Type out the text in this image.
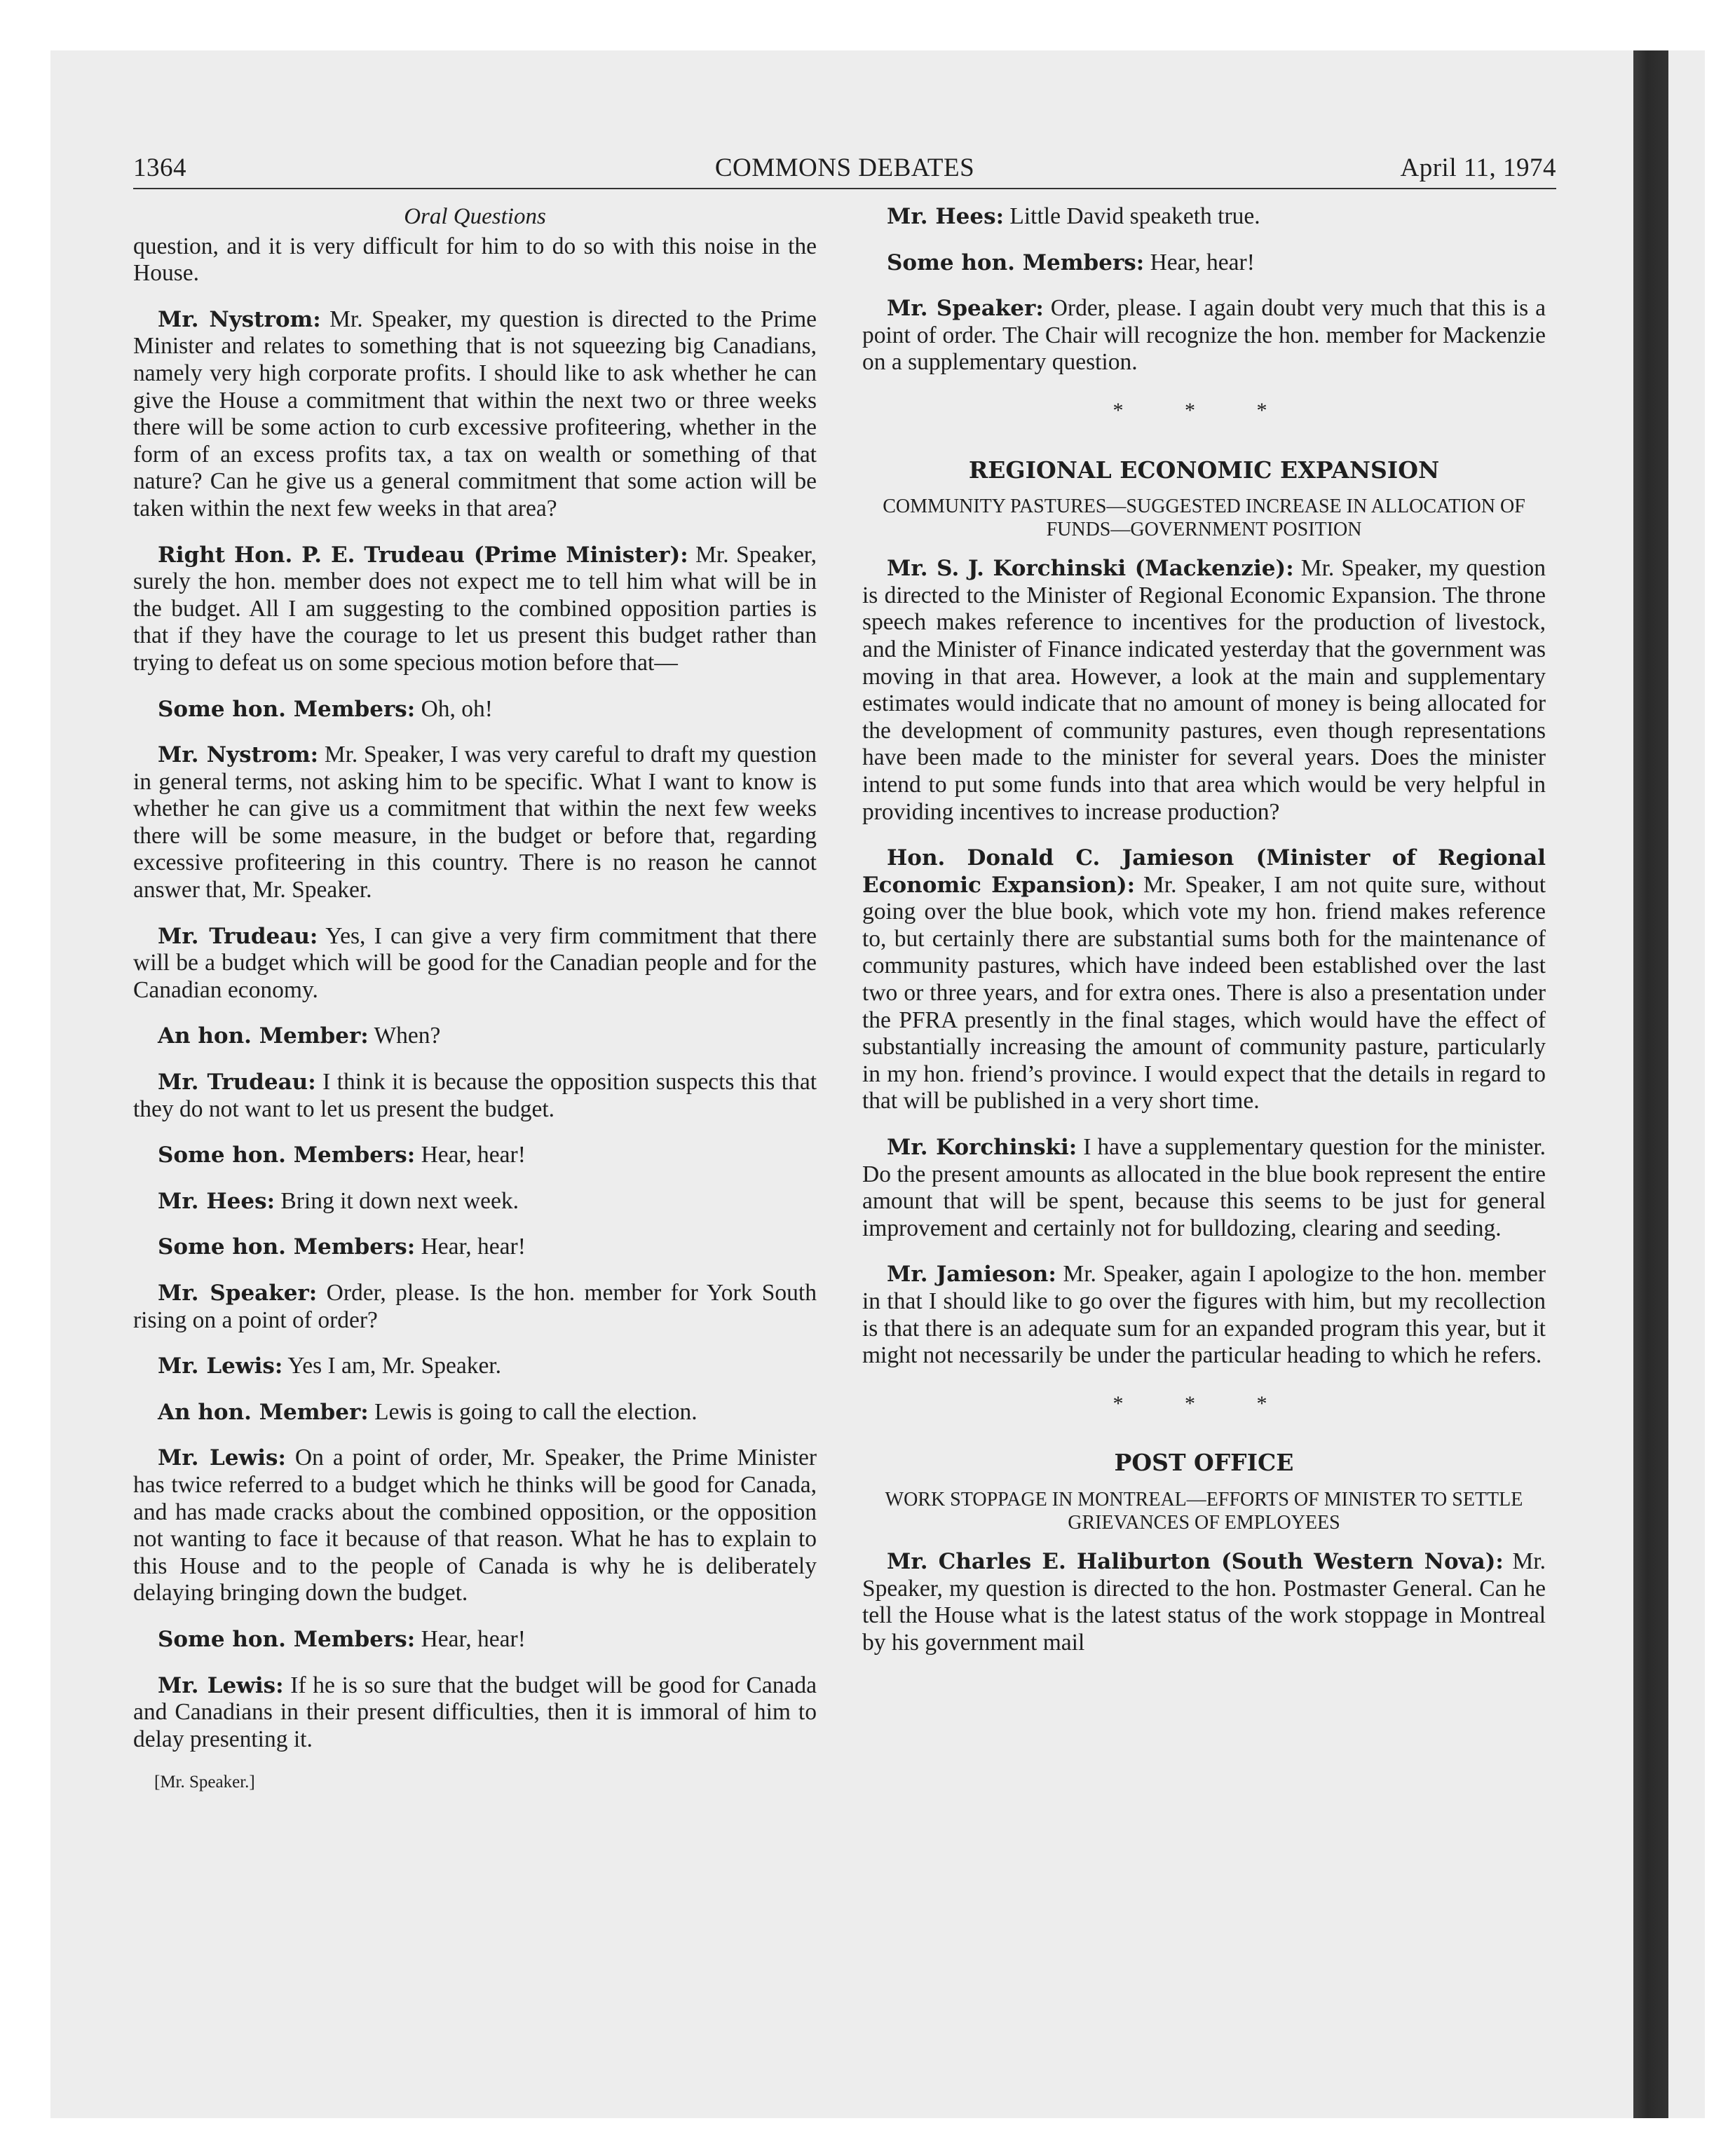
1364	COMMONS DEBATES	April 11, 1974
Oral Questions

question, and it is very difficult for him to do so with this noise in the House.

Mr. Nystrom: Mr. Speaker, my question is directed to the Prime Minister and relates to something that is not squeezing big Canadians, namely very high corporate profits. I should like to ask whether he can give the House a commitment that within the next two or three weeks there will be some action to curb excessive profiteering, whether in the form of an excess profits tax, a tax on wealth or something of that nature? Can he give us a general commitment that some action will be taken within the next few weeks in that area?

Right Hon. P. E. Trudeau (Prime Minister): Mr. Speaker, surely the hon. member does not expect me to tell him what will be in the budget. All I am suggesting to the combined opposition parties is that if they have the courage to let us present this budget rather than trying to defeat us on some specious motion before that—

Some hon. Members: Oh, oh!

Mr. Nystrom: Mr. Speaker, I was very careful to draft my question in general terms, not asking him to be specific. What I want to know is whether he can give us a commitment that within the next few weeks there will be some measure, in the budget or before that, regarding excessive profiteering in this country. There is no reason he cannot answer that, Mr. Speaker.

Mr. Trudeau: Yes, I can give a very firm commitment that there will be a budget which will be good for the Canadian people and for the Canadian economy.

An hon. Member: When?

Mr. Trudeau: I think it is because the opposition suspects this that they do not want to let us present the budget.

Some hon. Members: Hear, hear!

Mr. Hees: Bring it down next week.

Some hon. Members: Hear, hear!

Mr. Speaker: Order, please. Is the hon. member for York South rising on a point of order?

Mr. Lewis: Yes I am, Mr. Speaker.

An hon. Member: Lewis is going to call the election.

Mr. Lewis: On a point of order, Mr. Speaker, the Prime Minister has twice referred to a budget which he thinks will be good for Canada, and has made cracks about the combined opposition, or the opposition not wanting to face it because of that reason. What he has to explain to this House and to the people of Canada is why he is deliberately delaying bringing down the budget.

Some hon. Members: Hear, hear!

Mr. Lewis: If he is so sure that the budget will be good for Canada and Canadians in their present difficulties, then it is immoral of him to delay presenting it.

[Mr. Speaker.]

Mr. Hees: Little David speaketh true.

Some hon. Members: Hear, hear!

Mr. Speaker: Order, please. I again doubt very much that this is a point of order. The Chair will recognize the hon. member for Mackenzie on a supplementary question.

* * *
REGIONAL ECONOMIC EXPANSION
COMMUNITY PASTURES—SUGGESTED INCREASE IN ALLOCATION OF FUNDS—GOVERNMENT POSITION

Mr. S. J. Korchinski (Mackenzie): Mr. Speaker, my question is directed to the Minister of Regional Economic Expansion. The throne speech makes reference to incentives for the production of livestock, and the Minister of Finance indicated yesterday that the government was moving in that area. However, a look at the main and supplementary estimates would indicate that no amount of money is being allocated for the development of community pastures, even though representations have been made to the minister for several years. Does the minister intend to put some funds into that area which would be very helpful in providing incentives to increase production?

Hon. Donald C. Jamieson (Minister of Regional Economic Expansion): Mr. Speaker, I am not quite sure, without going over the blue book, which vote my hon. friend makes reference to, but certainly there are substantial sums both for the maintenance of community pastures, which have indeed been established over the last two or three years, and for extra ones. There is also a presentation under the PFRA presently in the final stages, which would have the effect of substantially increasing the amount of community pasture, particularly in my hon. friend’s province. I would expect that the details in regard to that will be published in a very short time.

Mr. Korchinski: I have a supplementary question for the minister. Do the present amounts as allocated in the blue book represent the entire amount that will be spent, because this seems to be just for general improvement and certainly not for bulldozing, clearing and seeding.

Mr. Jamieson: Mr. Speaker, again I apologize to the hon. member in that I should like to go over the figures with him, but my recollection is that there is an adequate sum for an expanded program this year, but it might not necessarily be under the particular heading to which he refers.

* * *
POST OFFICE
WORK STOPPAGE IN MONTREAL—EFFORTS OF MINISTER TO SETTLE GRIEVANCES OF EMPLOYEES

Mr. Charles E. Haliburton (South Western Nova): Mr. Speaker, my question is directed to the hon. Postmaster General. Can he tell the House what is the latest status of the work stoppage in Montreal by his government mail
